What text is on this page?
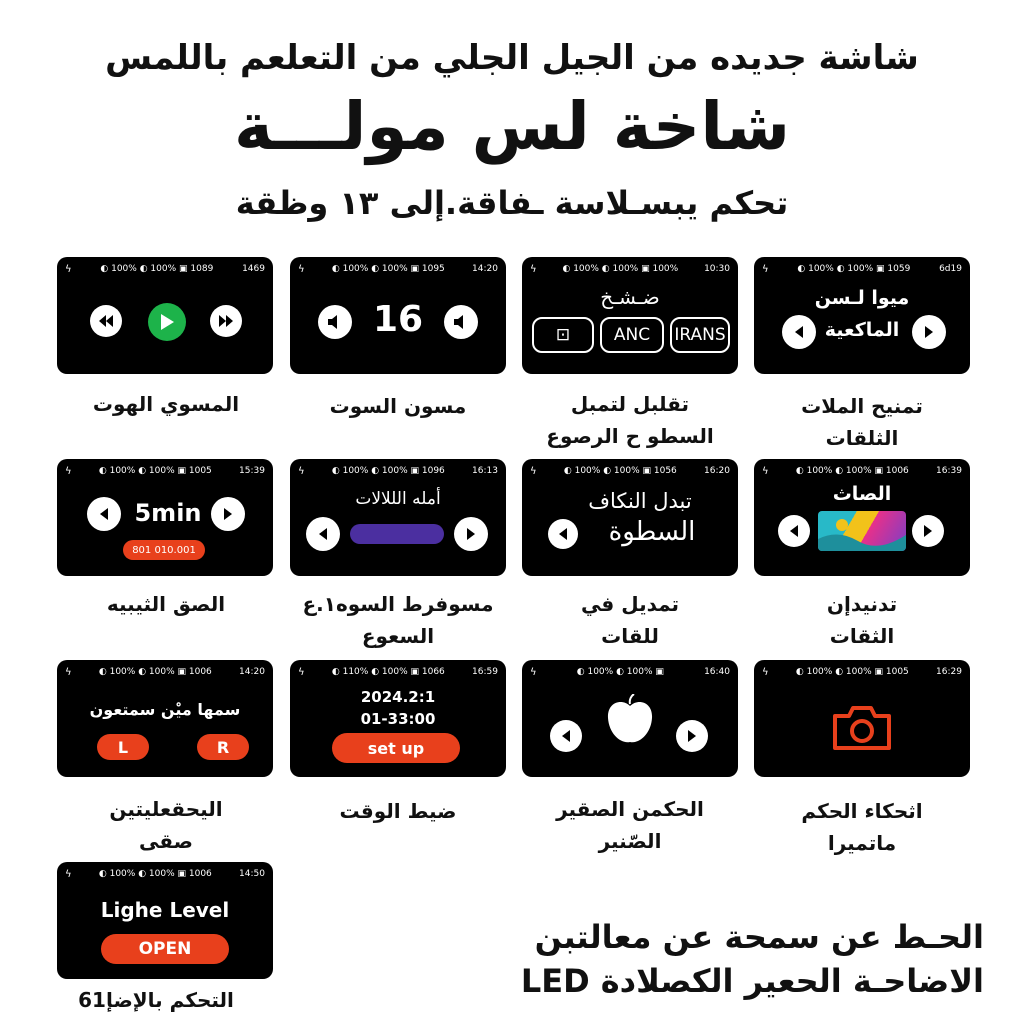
شاشة جديده من الجيل الجلي من التعلعم باللمس
شاخة لس مولـــة
تحكم يبسـلاسة ـفاقة.إلى ١٣ وظقة
ϟ	◐ 100% ◐ 100% ▣ 1089	1469
المسوي الهوت
ϟ	◐ 100% ◐ 100% ▣ 1095	14:20
16
مسون السوت
ϟ	◐ 100% ◐ 100% ▣ 100%	10:30
ضـشـخ
IRANS
ANC
⊡
تقلبل لتمبل
السطو ح الرصوع
ϟ	◐ 100% ◐ 100% ▣ 1059	6d19
ميوا لـسن
الماكعية
تمنيح الملات
الثلقات
ϟ	◐ 100% ◐ 100% ▣ 1005	15:39
5min
801 010.001
الصق الثيبيه
ϟ	◐ 100% ◐ 100% ▣ 1096	16:13
أمله الللالات
مسوفرط السوه١.ع
السعوع
ϟ	◐ 100% ◐ 100% ▣ 1056	16:20
تبدل النكاف
السطوة
تمديل في
للقات
ϟ	◐ 100% ◐ 100% ▣ 1006	16:39
الصاث
تدنيدإن
الثقات
ϟ	◐ 100% ◐ 100% ▣ 1006	14:20
سمها ميْن سمتعون
L	R
اليحقعليتين
صقى
ϟ	◐ 110% ◐ 100% ▣ 1066	16:59
2024.2:1
01-33:00
set up
ضيط الوقت
ϟ	◐ 100% ◐ 100% ▣	16:40
الحكمن الصقير
الصّنير
ϟ	◐ 100% ◐ 100% ▣ 1005	16:29
اثحكاء الحكم
ماتميرا
ϟ	◐ 100% ◐ 100% ▣ 1006	14:50
Lighe Level
OPEN
التحكم بالإضإ61
الحـط عن سمحة عن معالتبن
الاضاحـة الحعير الكصلادة LED
